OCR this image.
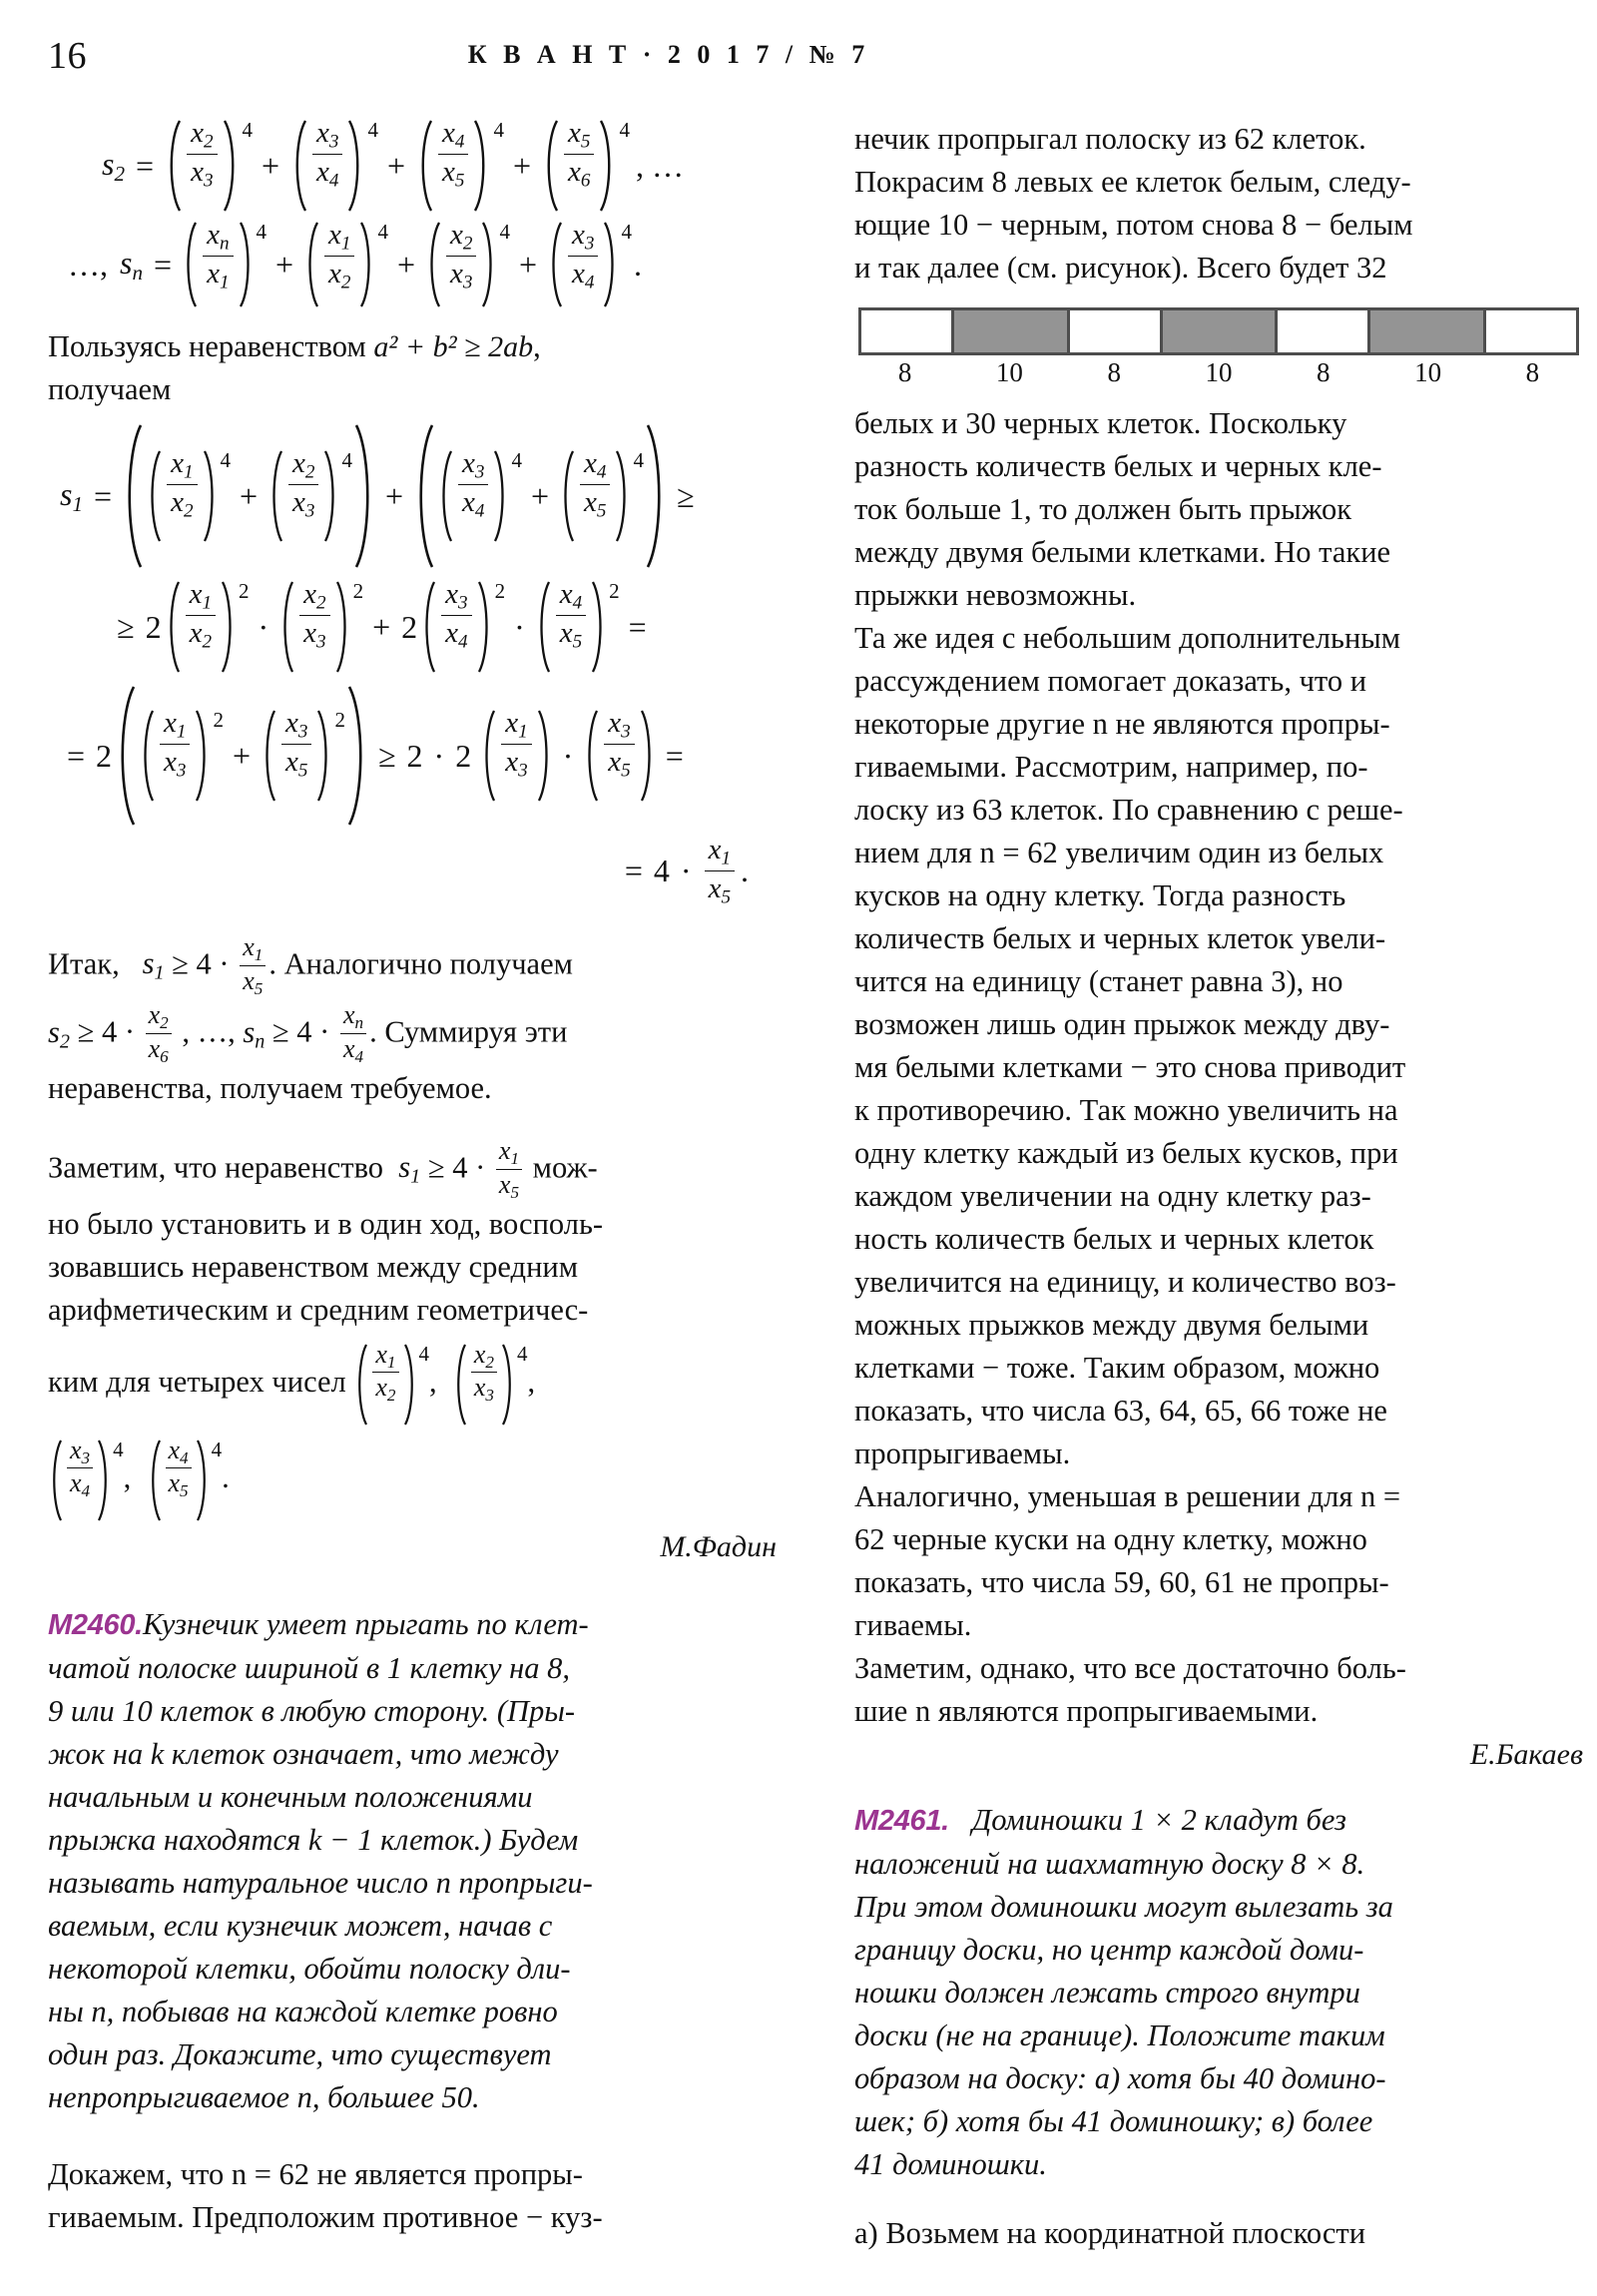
16	К В А Н Т · 2 0 1 7 / № 7
$s_2$ =	$\frac{x_2}{x_3} 4$
+	$\frac{x_3}{x_4} 4$
+	$\frac{x_4}{x_5} 4$
+	$\frac{x_5}{x_6} 4$
, …
…, $s_n = \frac{x_n}{x_1} 4$
+ $\frac{x_1}{x_2} 4$
+ $\frac{x_2}{x_3} 4$
+ $\frac{x_3}{x_4} 4$
.

Пользуясь неравенством a² + b² ≥ 2ab,
получаем

$s_1$ =	$\frac{x_1}{x_2} 4$
+ $\frac{x_2}{x_3} 4$
+	$\frac{x_3}{x_4} 4$
+ $\frac{x_4}{x_5} 4$
≥
≥ $2 \frac{x_1}{x_2} 2$
· $\frac{x_2}{x_3} 2$
+ $2 \frac{x_3}{x_4} 2$
· $\frac{x_4}{x_5} 2$
=
= $2 \frac{x_1}{x_3} 2$
+ $\frac{x_3}{x_5} 2$
≥ $2 \cdot 2 \frac{x_1}{x_3} \cdot \frac{x_3}{x_5}$ =
= $4 \cdot \frac{x_1}{x_5}$ .

Итак, $s_1 \ge 4 \cdot \frac{x_1}{x_5}$ . Аналогично получаем

$s_2 \ge 4 \cdot \frac{x_2}{x_6}$ , …, $s_n \ge 4 \cdot \frac{x_n}{x_4}$ . Суммируя эти

неравенства, получаем требуемое.

Заметим, что неравенство $s_1 \ge 4 \cdot \frac{x_1}{x_5} мож-$

но было установить и в один ход, восполь-

зовавшись неравенством между средним

арифметическим и средним геометричес-

ким для четырех чисел
$x_1$
$x_2$
4
,
$x_2$
$x_3$
4
,

$x_3$
$x_4$
4
,
$x_4$
$x_5$
4
.

М.Фадин

M2460.Кузнечик умеет прыгать по клет-
чатой полоске шириной в 1 клетку на 8,
9 или 10 клеток в любую сторону. (Пры-
жок на k клеток означает, что между
начальным и конечным положениями
прыжка находятся k − 1 клеток.) Будем
называть натуральное число n пропрыги-
ваемым, если кузнечик может, начав с
некоторой клетки, обойти полоску дли-
ны n, побывав на каждой клетке ровно
один раз. Докажите, что существует
непропрыгиваемое n, большее 50.

Докажем, что n = 62 не является пропры-
гиваемым. Предположим противное − куз-

нечик пропрыгал полоску из 62 клеток.
Покрасим 8 левых ее клеток белым, следу-
ющие 10 − черным, потом снова 8 − белым
и так далее (см. рисунок). Всего будет 32

8	10	8	10	8	10	8

белых и 30 черных клеток. Поскольку
разность количеств белых и черных кле-
ток больше 1, то должен быть прыжок
между двумя белыми клетками. Но такие
прыжки невозможны.

Та же идея с небольшим дополнительным
рассуждением помогает доказать, что и
некоторые другие n не являются пропры-
гиваемыми. Рассмотрим, например, по-
лоску из 63 клеток. По сравнению с реше-
нием для n = 62 увеличим один из белых
кусков на одну клетку. Тогда разность
количеств белых и черных клеток увели-
чится на единицу (станет равна 3), но
возможен лишь один прыжок между дву-
мя белыми клетками − это снова приводит
к противоречию. Так можно увеличить на
одну клетку каждый из белых кусков, при
каждом увеличении на одну клетку раз-
ность количеств белых и черных клеток
увеличится на единицу, и количество воз-
можных прыжков между двумя белыми
клетками − тоже. Таким образом, можно
показать, что числа 63, 64, 65, 66 тоже не
пропрыгиваемы.

Аналогично, уменьшая в решении для n =
62 черные куски на одну клетку, можно
показать, что числа 59, 60, 61 не пропры-
гиваемы.

Заметим, однако, что все достаточно боль-
шие n являются пропрыгиваемыми.

Е.Бакаев

M2461. Доминошки 1 × 2 кладут без
наложений на шахматную доску 8 × 8.
При этом доминошки могут вылезать за
границу доски, но центр каждой доми-
ношки должен лежать строго внутри
доски (не на границе). Положите таким
образом на доску: а) хотя бы 40 домино-
шек; б) хотя бы 41 доминошку; в) более
41 доминошки.

а) Возьмем на координатной плоскости
